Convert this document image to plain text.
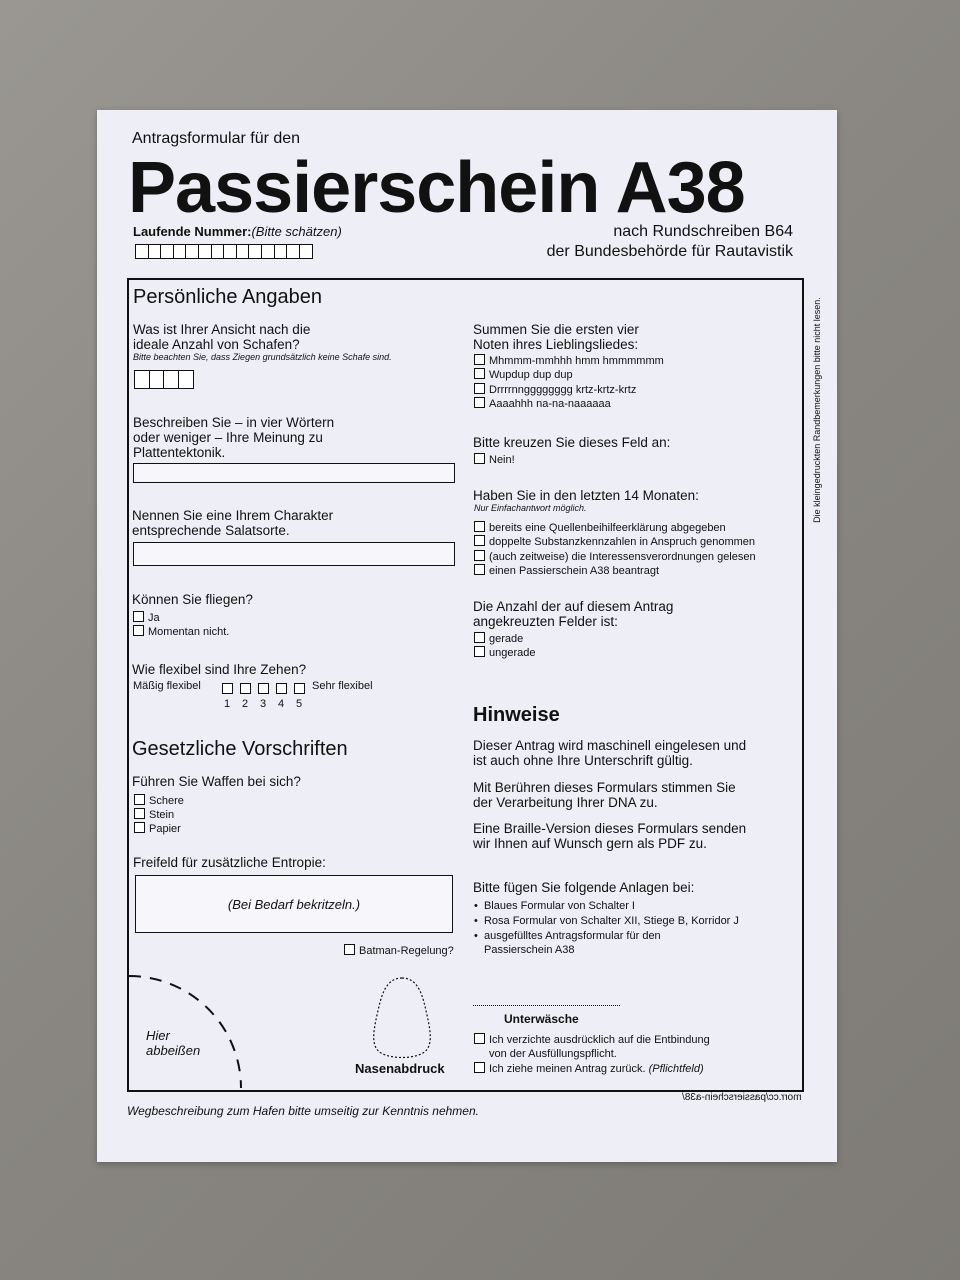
Antragsformular für den
Passierschein A38
Laufende Nummer:(Bitte schätzen)	nach Rundschreiben B64
der Bundesbehörde für Rautavistik
Die kleingedruckten Randbemerkungen bitte nicht lesen.
Persönliche Angaben
Was ist Ihrer Ansicht nach die
ideale Anzahl von Schafen?
Bitte beachten Sie, dass Ziegen grundsätzlich keine Schafe sind.
Beschreiben Sie – in vier Wörtern
oder weniger – Ihre Meinung zu
Plattentektonik.
Nennen Sie eine Ihrem Charakter
entsprechende Salatsorte.
Können Sie fliegen?
Ja
Momentan nicht.
Wie flexibel sind Ihre Zehen?
Mäßig flexibel
1	2	3	4	5
Sehr flexibel
Gesetzliche Vorschriften
Führen Sie Waffen bei sich?
Schere
Stein
Papier
Freifeld für zusätzliche Entropie:
(Bei Bedarf bekritzeln.)
Batman-Regelung?
Hier
abbeißen
Nasenabdruck
Summen Sie die ersten vier
Noten ihres Lieblingsliedes:
Mhmmm-mmhhh hmm hmmmmmm
Wupdup dup dup
Drrrrnngggggggg krtz-krtz-krtz
Aaaahhh na-na-naaaaaa
Bitte kreuzen Sie dieses Feld an:
Nein!
Haben Sie in den letzten 14 Monaten:
Nur Einfachantwort möglich.
bereits eine Quellenbeihilfeerklärung abgegeben
doppelte Substanzkennzahlen in Anspruch genommen
(auch zeitweise) die Interessensverordnungen gelesen
einen Passierschein A38 beantragt
Die Anzahl der auf diesem Antrag
angekreuzten Felder ist:
gerade
ungerade
Hinweise
Dieser Antrag wird maschinell eingelesen und
ist auch ohne Ihre Unterschrift gültig.
Mit Berühren dieses Formulars stimmen Sie
der Verarbeitung Ihrer DNA zu.
Eine Braille-Version dieses Formulars senden
wir Ihnen auf Wunsch gern als PDF zu.
Bitte fügen Sie folgende Anlagen bei:
•  Blaues Formular von Schalter I
•  Rosa Formular von Schalter XII, Stiege B, Korridor J
•  ausgefülltes Antragsformular für den
Passierschein A38
Unterwäsche
Ich verzichte ausdrücklich auf die Entbindung
von der Ausfüllungspflicht.
Ich ziehe meinen Antrag zurück. (Pflichtfeld)
Wegbeschreibung zum Hafen bitte umseitig zur Kenntnis nehmen.
morr.cc/passierschein-a38/
